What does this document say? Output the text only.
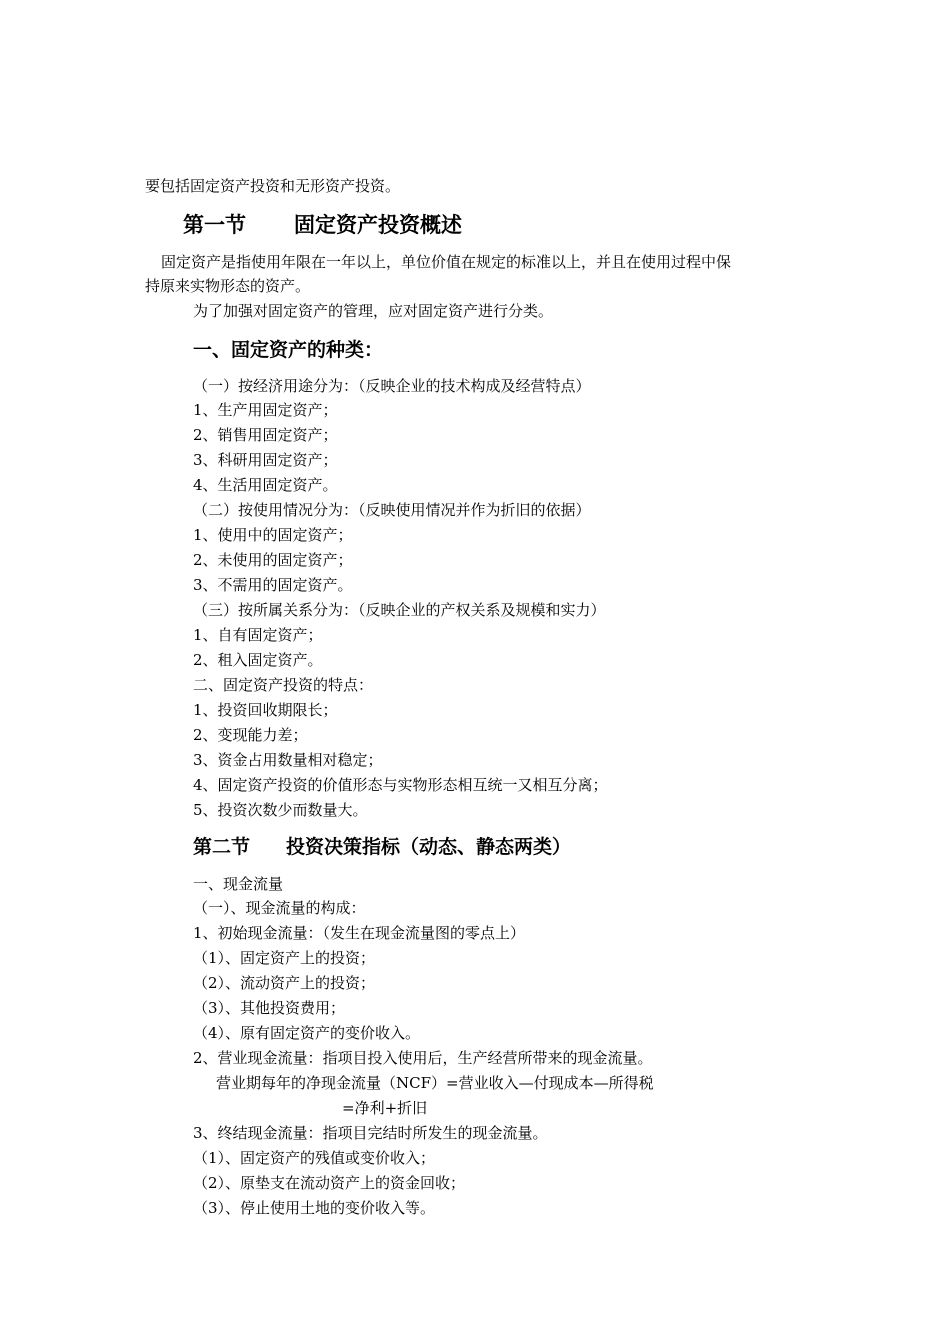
要包括固定资产投资和无形资产投资。
第一节 固定资产投资概述
固定资产是指使用年限在一年以上，单位价值在规定的标准以上，并且在使用过程中保
持原来实物形态的资产。
为了加强对固定资产的管理，应对固定资产进行分类。
一、固定资产的种类：
（一）按经济用途分为：（反映企业的技术构成及经营特点）
1、生产用固定资产；
2、销售用固定资产；
3、科研用固定资产；
4、生活用固定资产。
（二）按使用情况分为：（反映使用情况并作为折旧的依据）
1、使用中的固定资产；
2、未使用的固定资产；
3、不需用的固定资产。
（三）按所属关系分为：（反映企业的产权关系及规模和实力）
1、自有固定资产；
2、租入固定资产。
二、固定资产投资的特点：
1、投资回收期限长；
2、变现能力差；
3、资金占用数量相对稳定；
4、固定资产投资的价值形态与实物形态相互统一又相互分离；
5、投资次数少而数量大。
第二节 投资决策指标（动态、静态两类）
一、现金流量
（一）、现金流量的构成：
1、初始现金流量：（发生在现金流量图的零点上）
（1）、固定资产上的投资；
（2）、流动资产上的投资；
（3）、其他投资费用；
（4）、原有固定资产的变价收入。
2、营业现金流量：指项目投入使用后，生产经营所带来的现金流量。
营业期每年的净现金流量（NCF）=营业收入—付现成本—所得税
=净利+折旧
3、终结现金流量：指项目完结时所发生的现金流量。
（1）、固定资产的残值或变价收入；
（2）、原垫支在流动资产上的资金回收；
（3）、停止使用土地的变价收入等。
